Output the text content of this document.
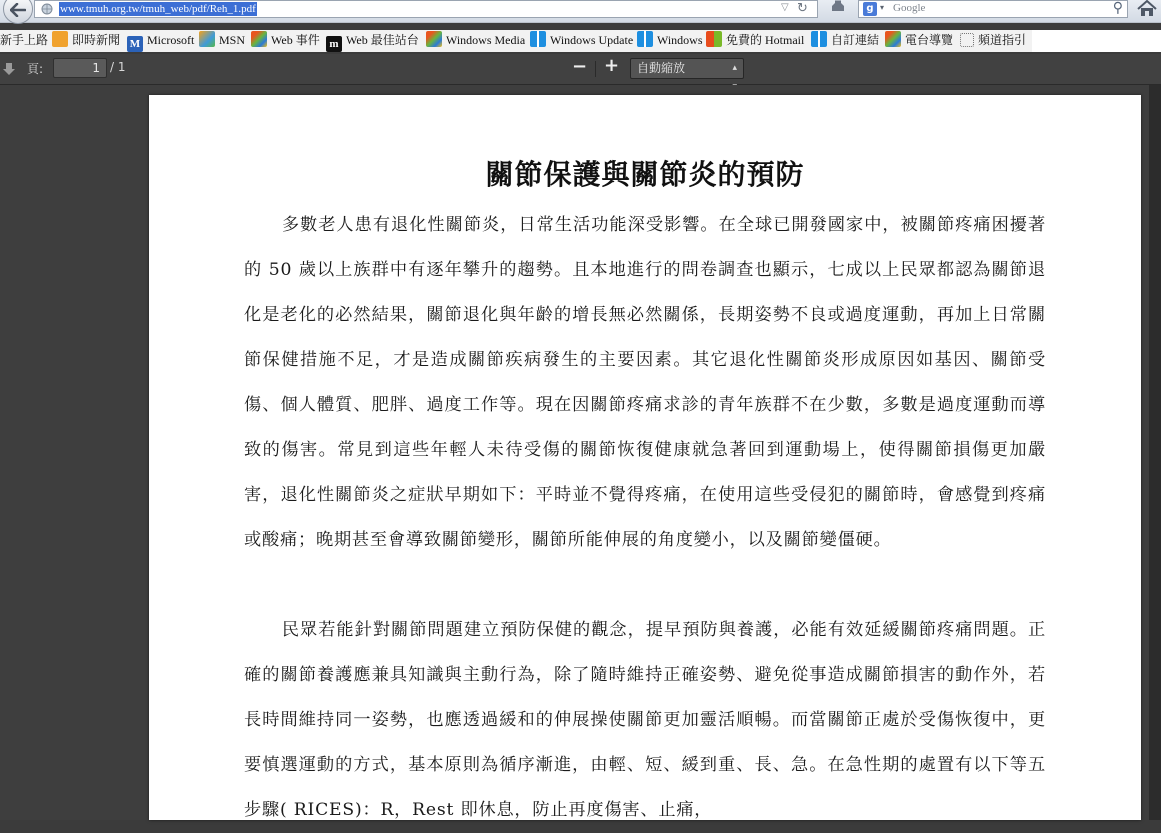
www.tmuh.org.tw/tmuh_web/pdf/Reh_1.pdf	▽ ↻	g ▾ Google	⚲
新手上路	即時新聞 M Microsoft	MSN	Web 事件 m Web 最佳站台	Windows Media	Windows Update	Windows	免費的 Hotmail	自訂連結	電台導覽	頻道指引
頁:	1 / 1	− +	自動縮放	▴

關節保護與關節炎的預防

多數老人患有退化性關節炎，日常生活功能深受影響。在全球已開發國家中，被關節疼痛困擾著的 50 歲以上族群中有逐年攀升的趨勢。且本地進行的問卷調查也顯示，七成以上民眾都認為關節退化是老化的必然結果，關節退化與年齡的增長無必然關係，長期姿勢不良或過度運動，再加上日常關節保健措施不足，才是造成關節疾病發生的主要因素。其它退化性關節炎形成原因如基因、關節受傷、個人體質、肥胖、過度工作等。現在因關節疼痛求診的青年族群不在少數，多數是過度運動而導致的傷害。常見到這些年輕人未待受傷的關節恢復健康就急著回到運動場上，使得關節損傷更加嚴害，退化性關節炎之症狀早期如下：平時並不覺得疼痛，在使用這些受侵犯的關節時，會感覺到疼痛或酸痛；晚期甚至會導致關節變形，關節所能伸展的角度變小，以及關節變僵硬。

民眾若能針對關節問題建立預防保健的觀念，提早預防與養護，必能有效延緩關節疼痛問題。正確的關節養護應兼具知識與主動行為，除了隨時維持正確姿勢、避免從事造成關節損害的動作外，若長時間維持同一姿勢，也應透過緩和的伸展操使關節更加靈活順暢。而當關節正處於受傷恢復中，更要慎選運動的方式，基本原則為循序漸進，由輕、短、緩到重、長、急。在急性期的處置有以下等五步驟( RICES)：R，Rest 即休息，防止再度傷害、止痛，
